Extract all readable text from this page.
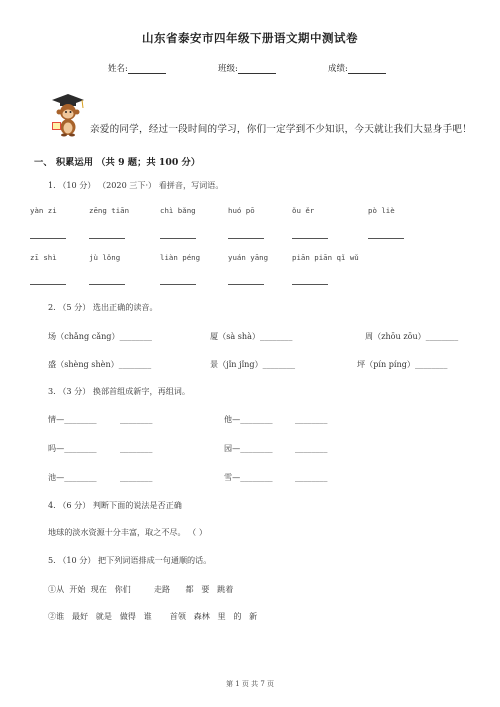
山东省泰安市四年级下册语文期中测试卷
姓名:	班级:	成绩:
亲爱的同学，经过一段时间的学习，你们一定学到不少知识，今天就让我们大显身手吧！
一、 积累运用 （共 9 题；共 100 分）
1. （10 分） （2020 三下·） 看拼音，写词语。
yàn zi	zēng tiān	chì bǎng	huó pō	ǒu ěr	pò liè
zī shì	jù lǒng	liàn péng	yuán yāng	piān piān qǐ wǔ
2. （5 分） 选出正确的读音。
场（chǎng cǎng）________	厦（sà shà）________	周（zhōu zōu）________
盛（shèng shèn）________	景（jǐn jǐng）________	坪（pín píng）________
3. （3 分） 换部首组成新字，再组词。
情—________	________	他—________	________
吗—________	________	园—________	________
池—________	________	雪—________	________
4. （6 分） 判断下面的说法是否正确
地球的淡水资源十分丰富，取之不尽。 （ ）
5. （10 分） 把下列词语排成一句通顺的话。
①从  开始  现在   你们         走路      都   要   跳着
②谁   最好   就是   做得   谁       首领   森林   里   的   新
第 1 页 共 7 页
